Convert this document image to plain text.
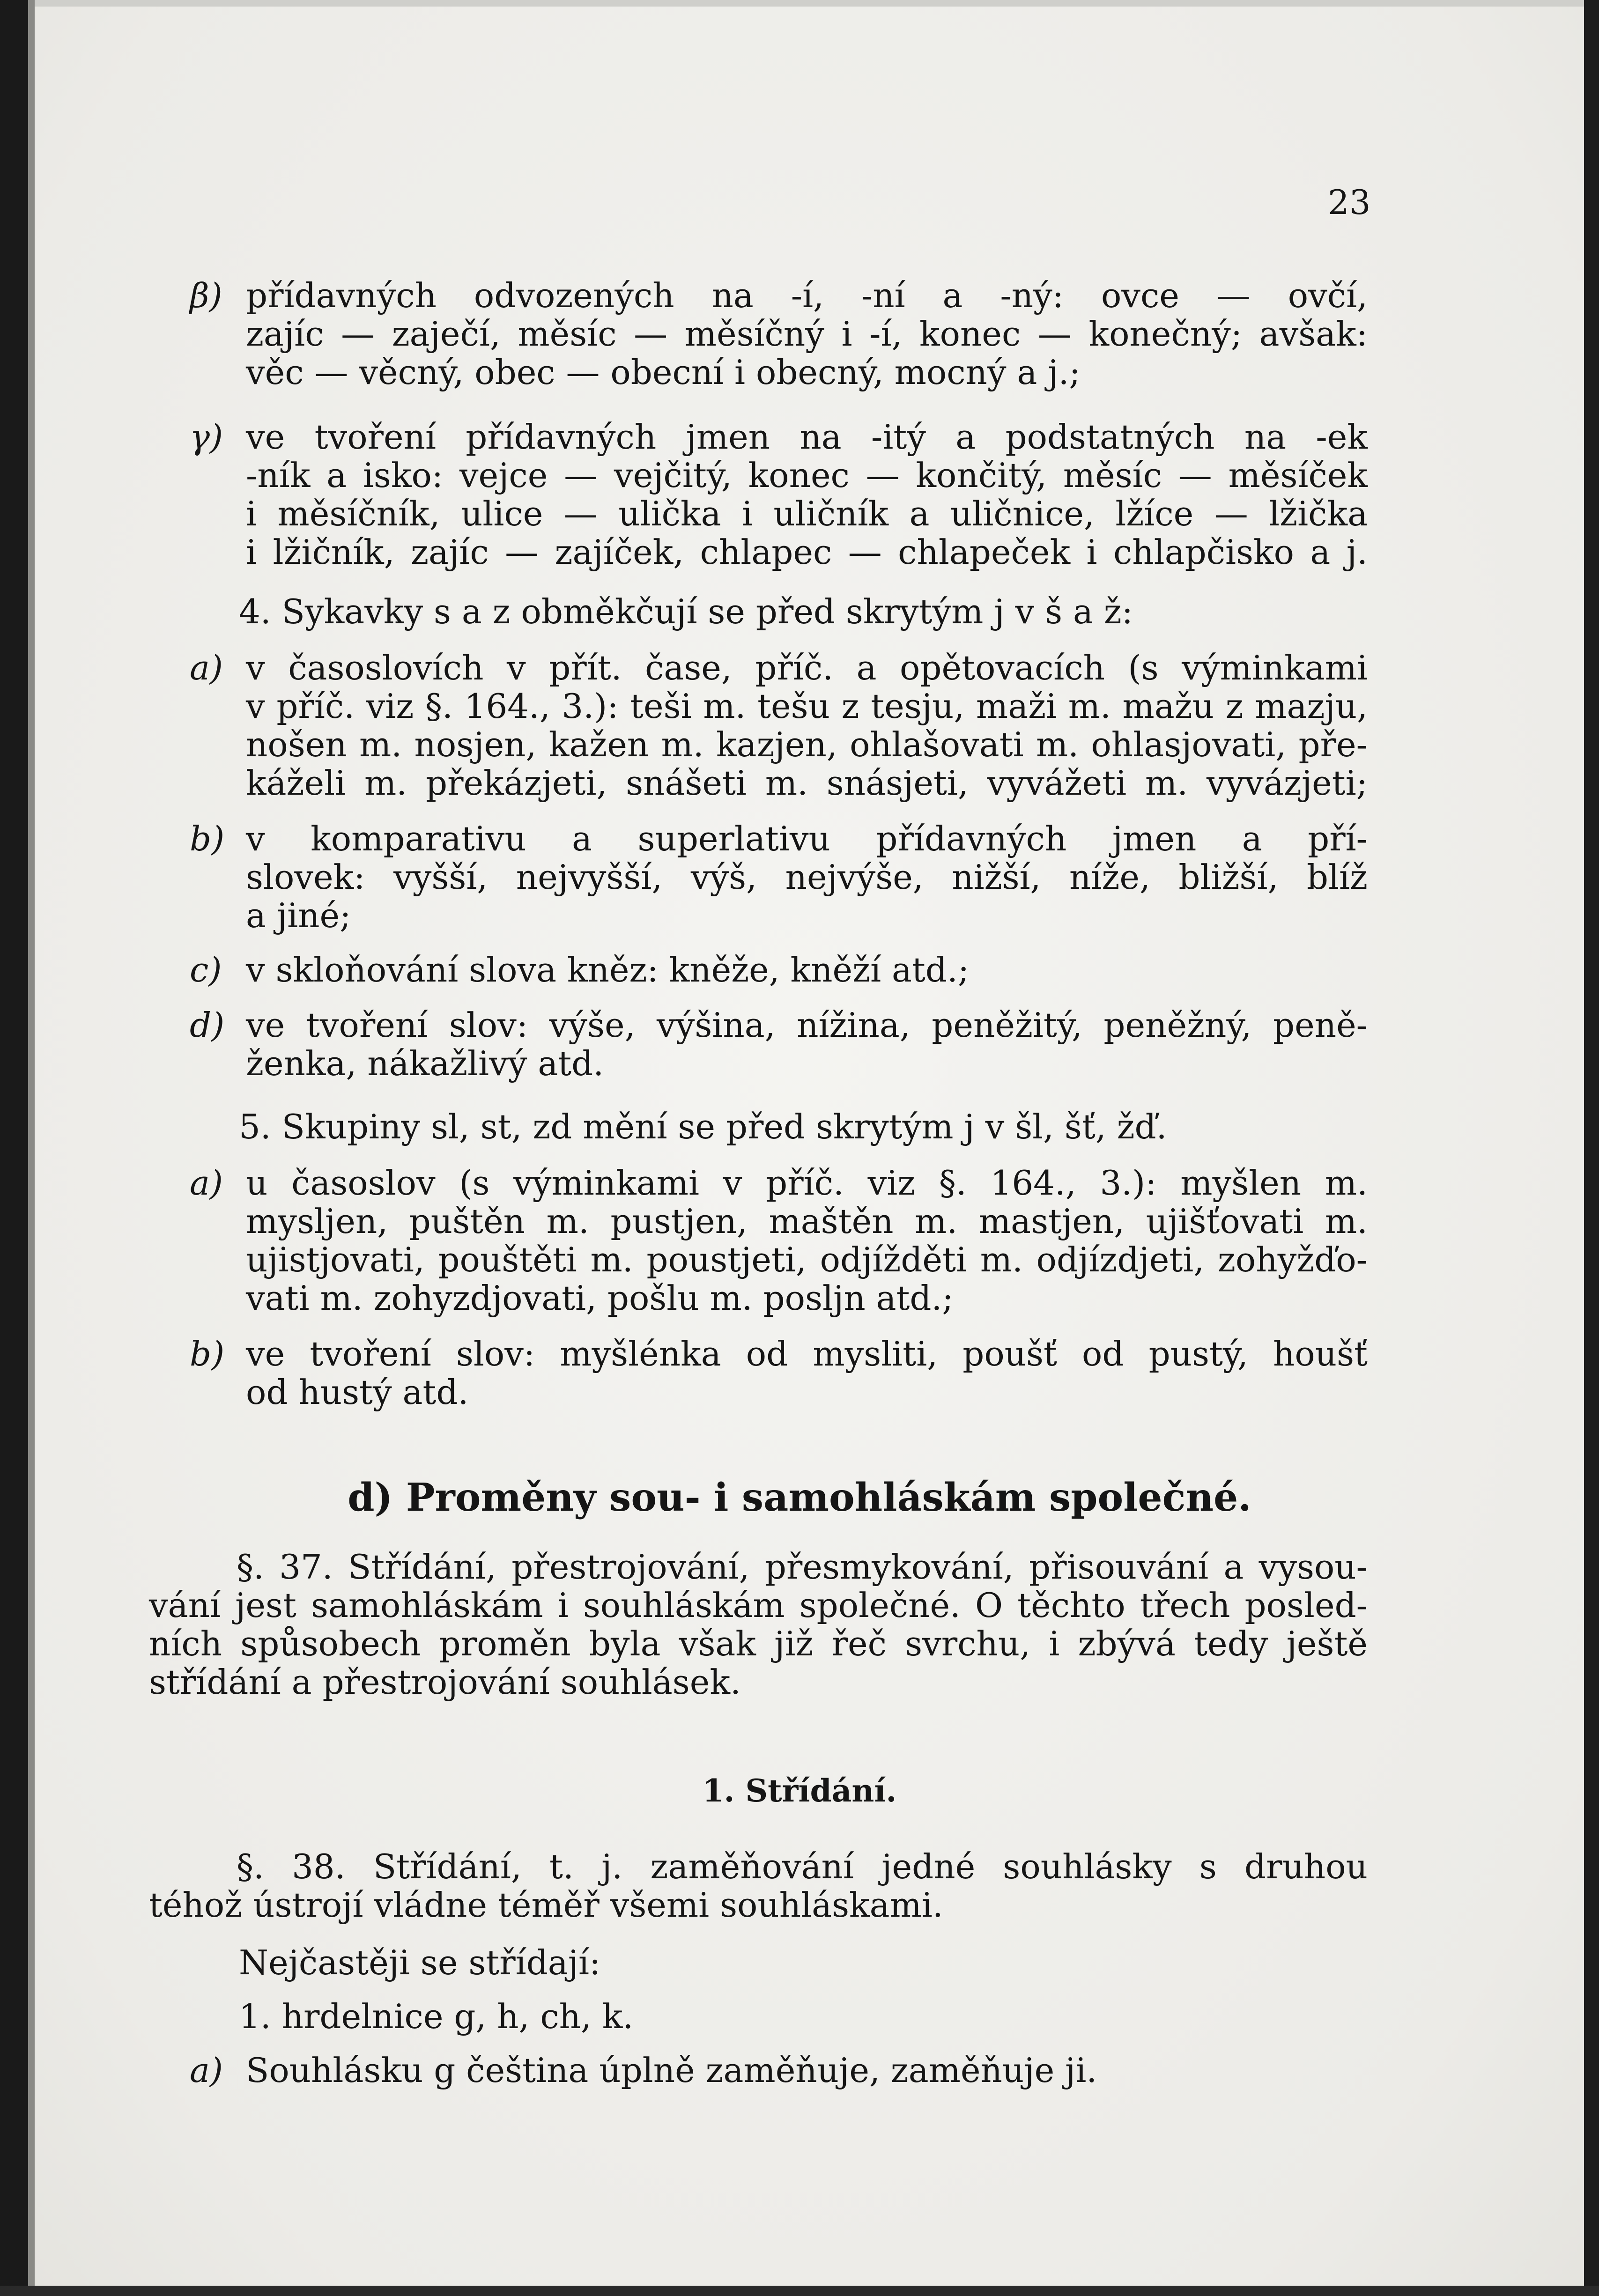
23
β) přídavných odvozených na -í, -ní a -ný: ovce — ovčí,
zajíc — zaječí, měsíc — měsíčný i -í, konec — konečný; avšak:
věc — věcný, obec — obecní i obecný, mocný a j.;
γ) ve tvoření přídavných jmen na -itý a podstatných na -ek
-ník a isko: vejce — vejčitý, konec — končitý, měsíc — měsíček
i měsíčník, ulice — ulička i uličník a uličnice, lžíce — lžička
i lžičník, zajíc — zajíček, chlapec — chlapeček i chlapčisko a j.
4. Sykavky s a z obměkčují se před skrytým j v š a ž:
a) v časoslovích v přít. čase, příč. a opětovacích (s výminkami
v příč. viz §. 164., 3.): teši m. tešu z tesju, maži m. mažu z mazju,
nošen m. nosjen, kažen m. kazjen, ohlašovati m. ohlasjovati, pře-
káželi m. překázjeti, snášeti m. snásjeti, vyvážeti m. vyvázjeti;
b) v komparativu a superlativu přídavných jmen a pří-
slovek: vyšší, nejvyšší, výš, nejvýše, nižší, níže, bližší, blíž
a jiné;
c) v skloňování slova kněz: kněže, kněží atd.;
d) ve tvoření slov: výše, výšina, nížina, peněžitý, peněžný, peně-
ženka, nákažlivý atd.
5. Skupiny sl, st, zd mění se před skrytým j v šl, šť, žď.
a) u časoslov (s výminkami v příč. viz §. 164., 3.): myšlen m.
mysljen, puštěn m. pustjen, maštěn m. mastjen, ujišťovati m.
ujistjovati, pouštěti m. poustjeti, odjížděti m. odjízdjeti, zohyžďo-
vati m. zohyzdjovati, pošlu m. posljn atd.;
b) ve tvoření slov: myšlénka od mysliti, poušť od pustý, houšť
od hustý atd.
d) Proměny sou- i samohláskám společné.
§. 37. Střídání, přestrojování, přesmykování, přisouvání a vysou-
vání jest samohláskám i souhláskám společné. O těchto třech posled-
ních spůsobech proměn byla však již řeč svrchu, i zbývá tedy ještě
střídání a přestrojování souhlásek.
1. Střídání.
§. 38. Střídání, t. j. zaměňování jedné souhlásky s druhou
téhož ústrojí vládne téměř všemi souhláskami.
Nejčastěji se střídají:
1. hrdelnice g, h, ch, k.
a) Souhlásku g čeština úplně zaměňuje, zaměňuje ji.
